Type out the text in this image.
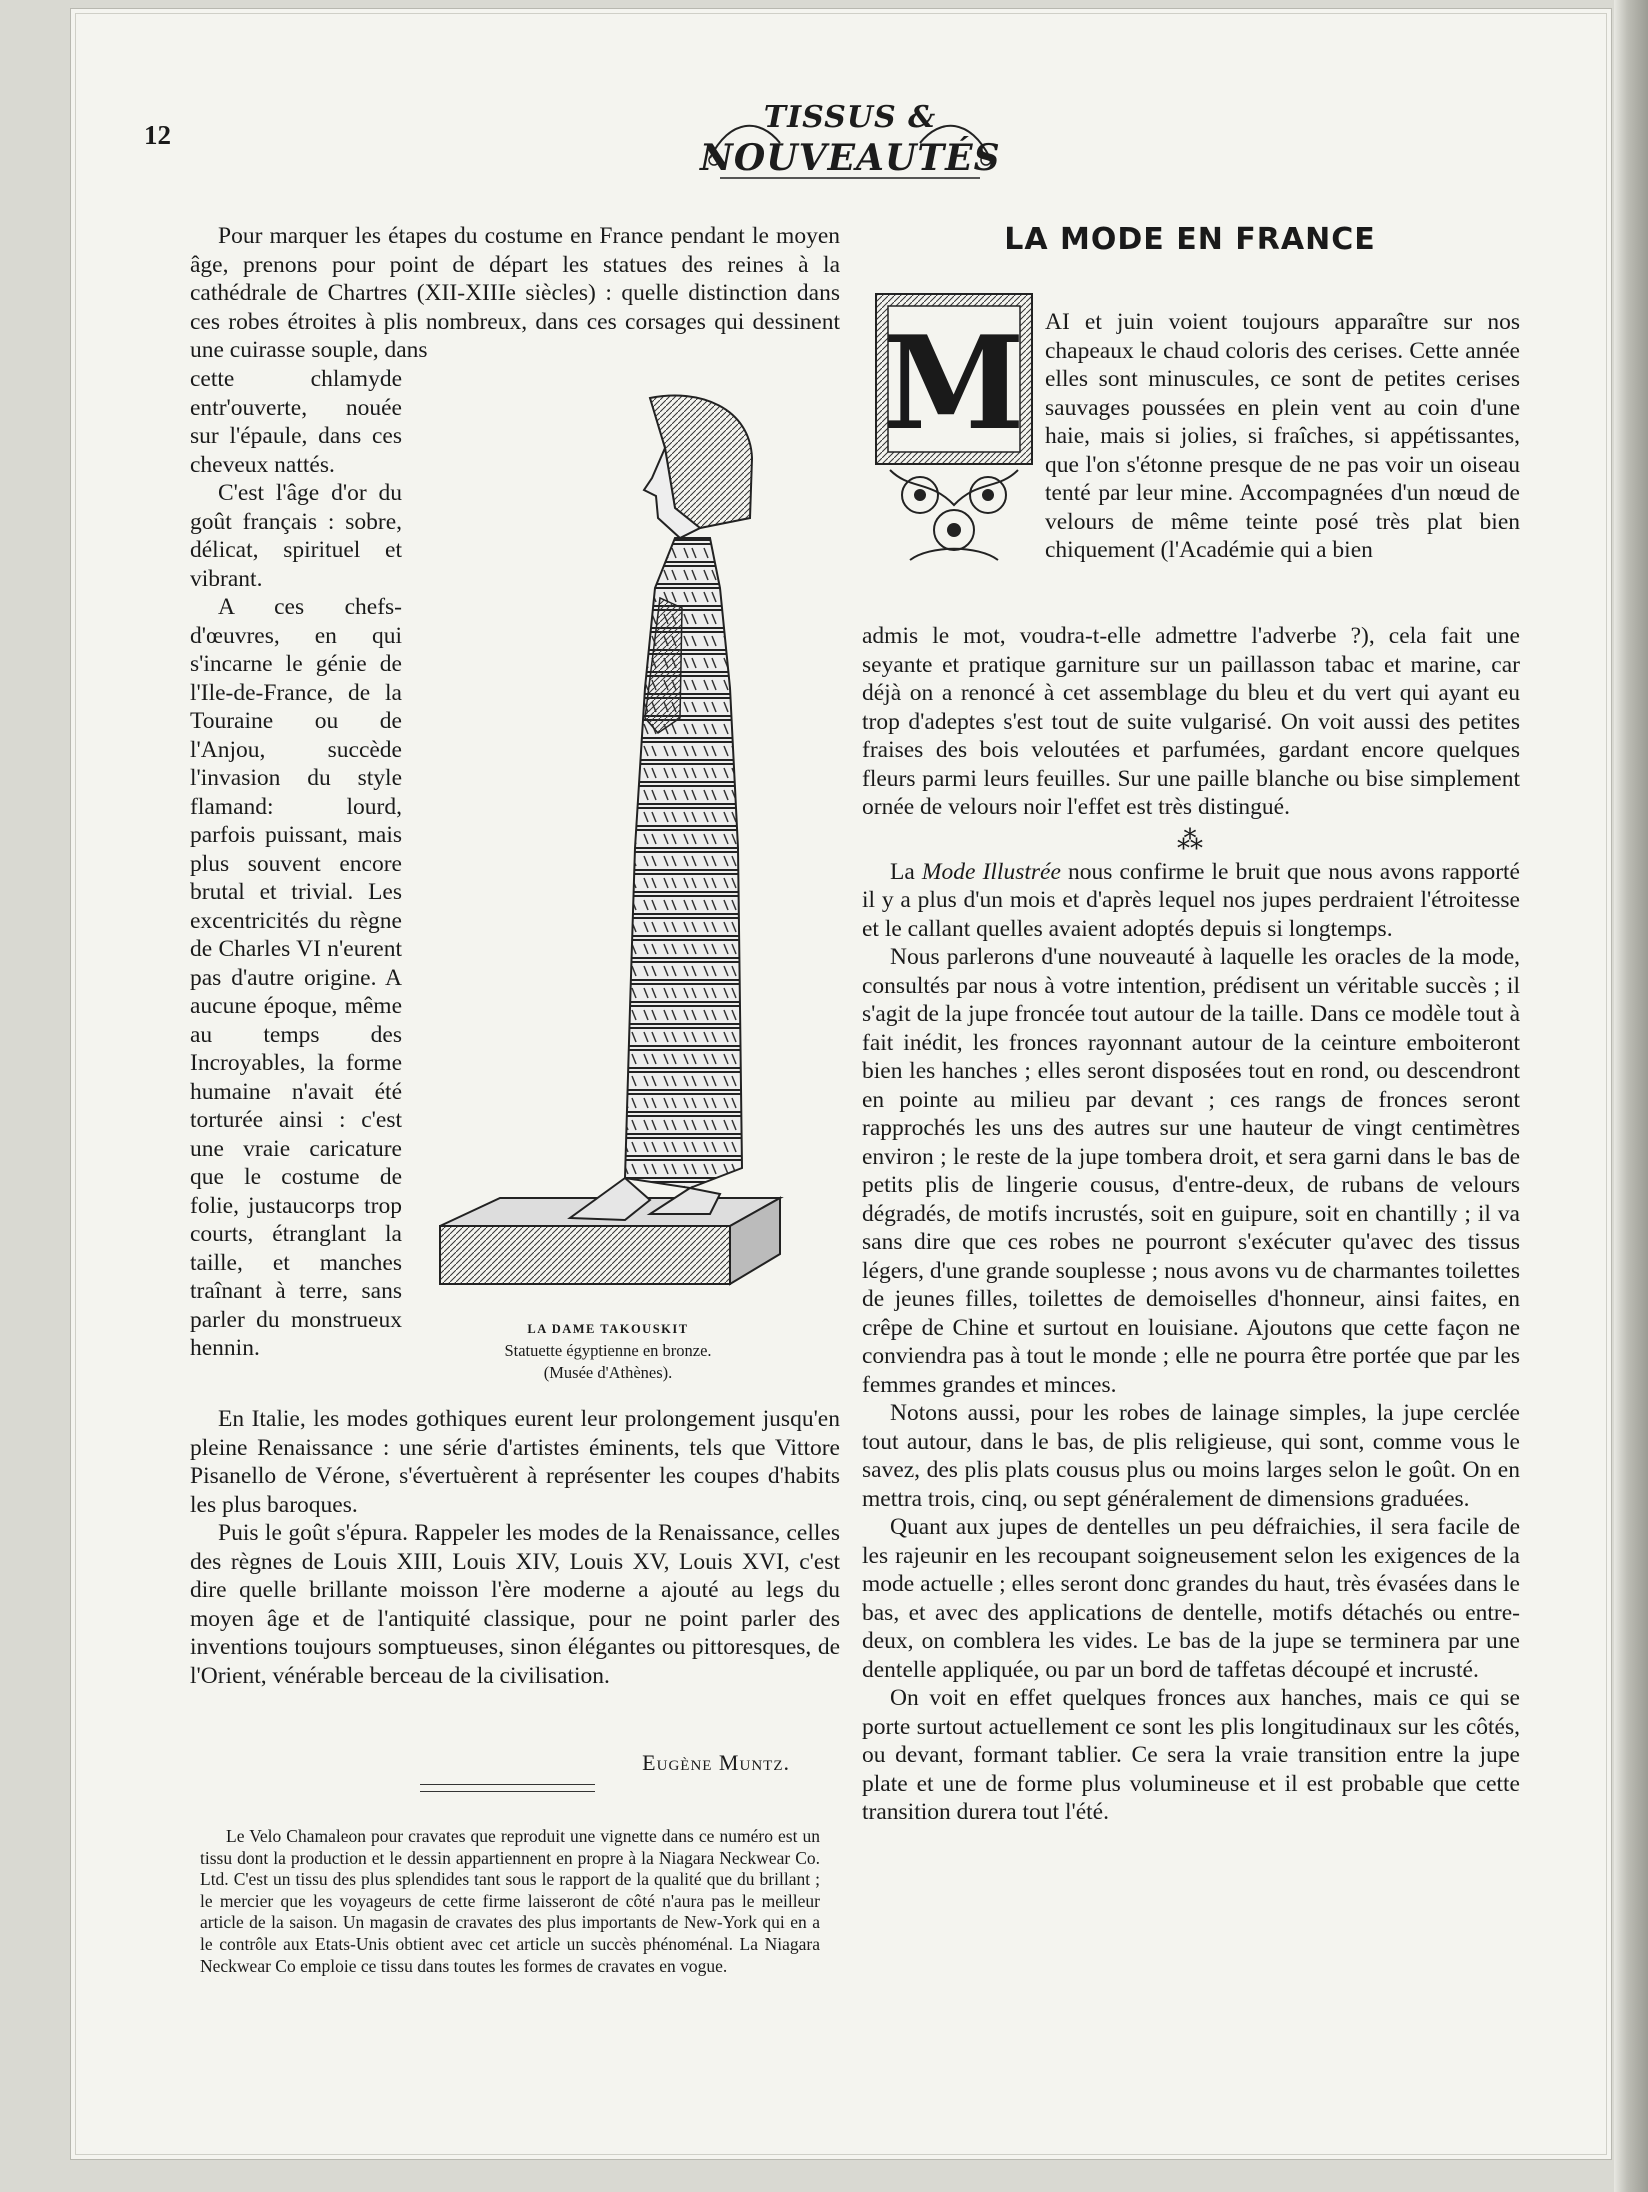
12	TISSUS &
NOUVEAUTÉS

Pour marquer les étapes du costume en France pendant le moyen âge, prenons pour point de départ les statues des reines à la cathédrale de Chartres (XII-XIIIe siècles) : quelle distinction dans ces robes étroites à plis nombreux, dans ces corsages qui dessinent une cuirasse souple, dans

cette chlamyde entr'ouverte, nouée sur l'épaule, dans ces cheveux nattés.

C'est l'âge d'or du goût français : sobre, délicat, spirituel et vibrant.

A ces chefs-d'œuvres, en qui s'incarne le génie de l'Ile-de-France, de la Touraine ou de l'Anjou, succède l'invasion du style flamand: lourd, parfois puissant, mais plus souvent encore brutal et trivial. Les excentricités du règne de Charles VI n'eurent pas d'autre origine. A aucune époque, même au temps des Incroyables, la forme humaine n'avait été torturée ainsi : c'est une vraie caricature que le costume de folie, justaucorps trop courts, étranglant la taille, et manches traînant à terre, sans parler du monstrueux hennin.

LA DAME TAKOUSKIT
Statuette égyptienne en bronze.
(Musée d'Athènes).

En Italie, les modes gothiques eurent leur prolongement jusqu'en pleine Renaissance : une série d'artistes éminents, tels que Vittore Pisanello de Vérone, s'évertuèrent à représenter les coupes d'habits les plus baroques.

Puis le goût s'épura. Rappeler les modes de la Renaissance, celles des règnes de Louis XIII, Louis XIV, Louis XV, Louis XVI, c'est dire quelle brillante moisson l'ère moderne a ajouté au legs du moyen âge et de l'antiquité classique, pour ne point parler des inventions toujours somptueuses, sinon élégantes ou pittoresques, de l'Orient, vénérable berceau de la civilisation.

Eugène Muntz.

Le Velo Chamaleon pour cravates que reproduit une vignette dans ce numéro est un tissu dont la production et le dessin appartiennent en propre à la Niagara Neckwear Co. Ltd. C'est un tissu des plus splendides tant sous le rapport de la qualité que du brillant ; le mercier que les voyageurs de cette firme laisseront de côté n'aura pas le meilleur article de la saison. Un magasin de cravates des plus importants de New-York qui en a le contrôle aux Etats-Unis obtient avec cet article un succès phénoménal. La Niagara Neckwear Co emploie ce tissu dans toutes les formes de cravates en vogue.

LA MODE EN FRANCE
M AI et juin voient toujours apparaître sur nos chapeaux le chaud coloris des cerises. Cette année elles sont minuscules, ce sont de petites cerises sauvages poussées en plein vent au coin d'une haie, mais si jolies, si fraîches, si appétissantes, que l'on s'étonne presque de ne pas voir un oiseau tenté par leur mine. Accompagnées d'un nœud de velours de même teinte posé très plat bien chiquement (l'Académie qui a bien

admis le mot, voudra-t-elle admettre l'adverbe ?), cela fait une seyante et pratique garniture sur un paillasson tabac et marine, car déjà on a renoncé à cet assemblage du bleu et du vert qui ayant eu trop d'adeptes s'est tout de suite vulgarisé. On voit aussi des petites fraises des bois veloutées et parfumées, gardant encore quelques fleurs parmi leurs feuilles. Sur une paille blanche ou bise simplement ornée de velours noir l'effet est très distingué.

⁂

La Mode Illustrée nous confirme le bruit que nous avons rapporté il y a plus d'un mois et d'après lequel nos jupes perdraient l'étroitesse et le callant quelles avaient adoptés depuis si longtemps.

Nous parlerons d'une nouveauté à laquelle les oracles de la mode, consultés par nous à votre intention, prédisent un véritable succès ; il s'agit de la jupe froncée tout autour de la taille. Dans ce modèle tout à fait inédit, les fronces rayonnant autour de la ceinture emboiteront bien les hanches ; elles seront disposées tout en rond, ou descendront en pointe au milieu par devant ; ces rangs de fronces seront rapprochés les uns des autres sur une hauteur de vingt centimètres environ ; le reste de la jupe tombera droit, et sera garni dans le bas de petits plis de lingerie cousus, d'entre-deux, de rubans de velours dégradés, de motifs incrustés, soit en guipure, soit en chantilly ; il va sans dire que ces robes ne pourront s'exécuter qu'avec des tissus légers, d'une grande souplesse ; nous avons vu de charmantes toilettes de jeunes filles, toilettes de demoiselles d'honneur, ainsi faites, en crêpe de Chine et surtout en louisiane. Ajoutons que cette façon ne conviendra pas à tout le monde ; elle ne pourra être portée que par les femmes grandes et minces.

Notons aussi, pour les robes de lainage simples, la jupe cerclée tout autour, dans le bas, de plis religieuse, qui sont, comme vous le savez, des plis plats cousus plus ou moins larges selon le goût. On en mettra trois, cinq, ou sept généralement de dimensions graduées.

Quant aux jupes de dentelles un peu défraichies, il sera facile de les rajeunir en les recoupant soigneusement selon les exigences de la mode actuelle ; elles seront donc grandes du haut, très évasées dans le bas, et avec des applications de dentelle, motifs détachés ou entre-deux, on comblera les vides. Le bas de la jupe se terminera par une dentelle appliquée, ou par un bord de taffetas découpé et incrusté.

On voit en effet quelques fronces aux hanches, mais ce qui se porte surtout actuellement ce sont les plis longitudinaux sur les côtés, ou devant, formant tablier. Ce sera la vraie transition entre la jupe plate et une de forme plus volumineuse et il est probable que cette transition durera tout l'été.
